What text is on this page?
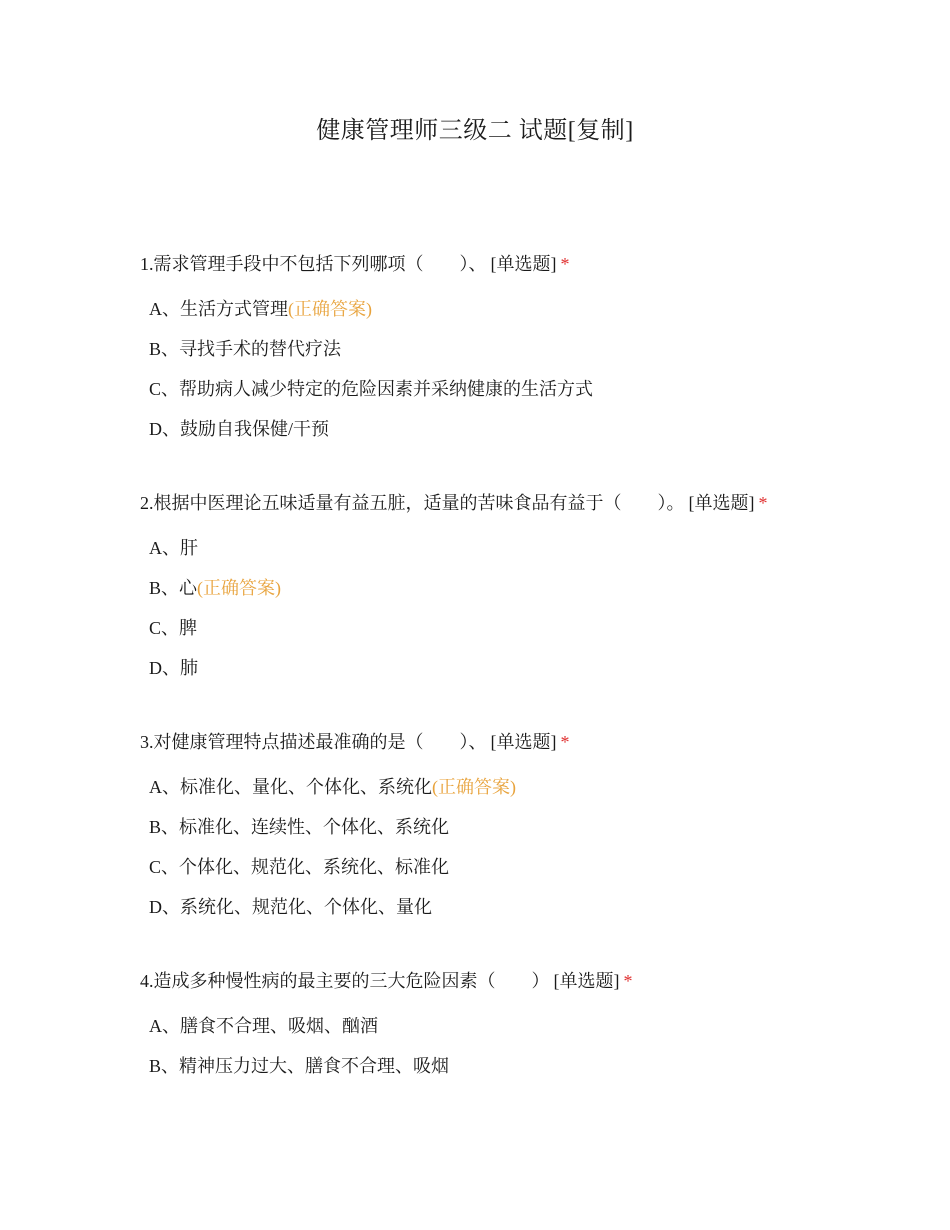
健康管理师三级二 试题[复制]
1.需求管理手段中不包括下列哪项（　　）、 [单选题] *
A、生活方式管理(正确答案)
B、寻找手术的替代疗法
C、帮助病人减少特定的危险因素并采纳健康的生活方式
D、鼓励自我保健/干预
2.根据中医理论五味适量有益五脏，适量的苦味食品有益于（　　）。 [单选题] *
A、肝
B、心(正确答案)
C、脾
D、肺
3.对健康管理特点描述最准确的是（　　）、 [单选题] *
A、标准化、量化、个体化、系统化(正确答案)
B、标准化、连续性、个体化、系统化
C、个体化、规范化、系统化、标准化
D、系统化、规范化、个体化、量化
4.造成多种慢性病的最主要的三大危险因素（　　） [单选题] *
A、膳食不合理、吸烟、酗酒
B、精神压力过大、膳食不合理、吸烟
